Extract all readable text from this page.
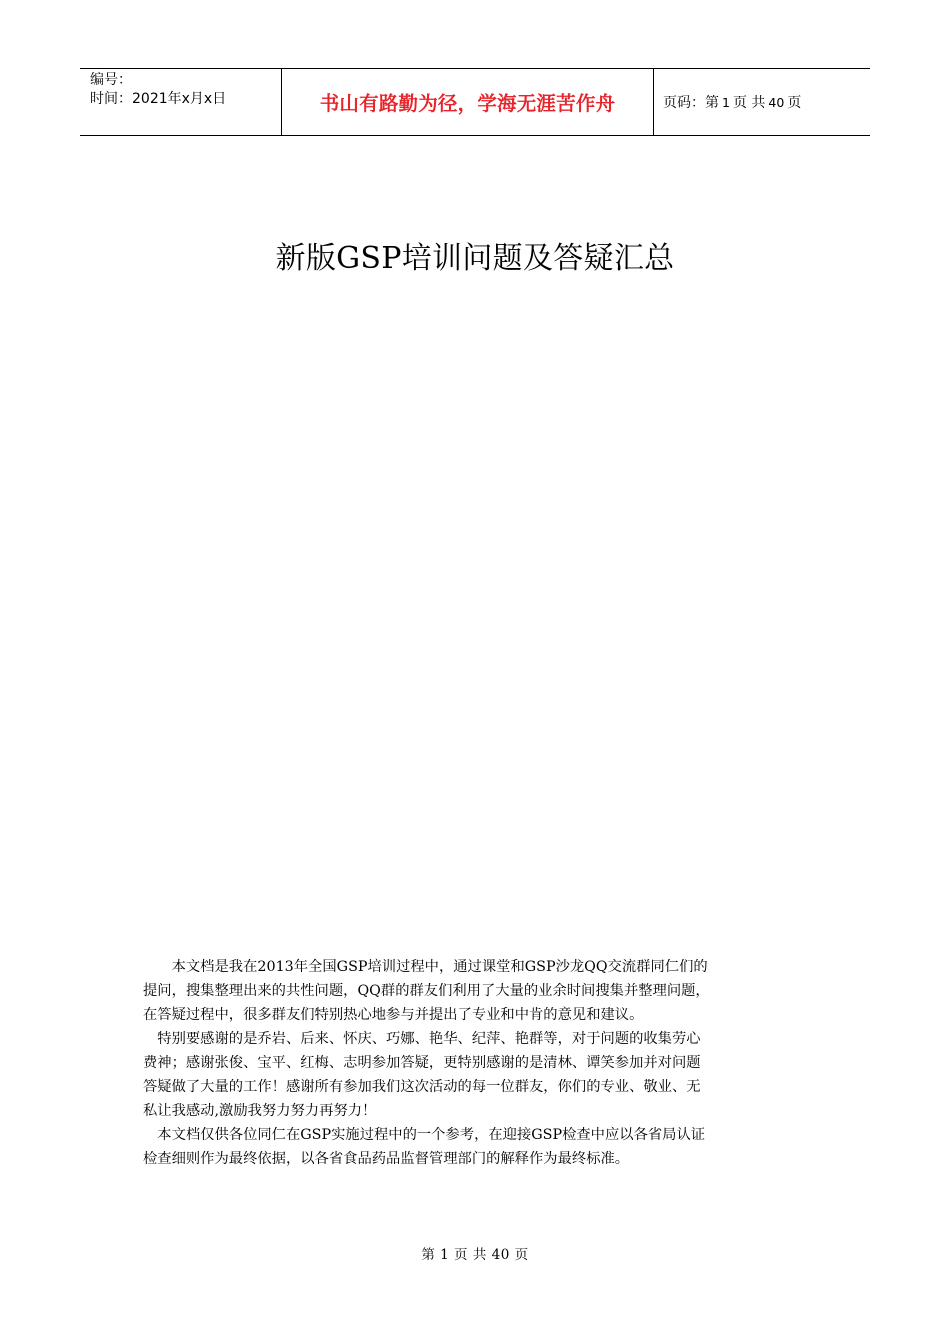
编号：
时间：2021年x月x日	书山有路勤为径，学海无涯苦作舟	页码：第 1 页 共 40 页
新版GSP培训问题及答疑汇总

　　本文档是我在2013年全国GSP培训过程中，通过课堂和GSP沙龙QQ交流群同仁们的
提问，搜集整理出来的共性问题，QQ群的群友们利用了大量的业余时间搜集并整理问题，
在答疑过程中，很多群友们特别热心地参与并提出了专业和中肯的意见和建议。

　特别要感谢的是乔岩、后来、怀庆、巧娜、艳华、纪萍、艳群等，对于问题的收集劳心
费神；感谢张俊、宝平、红梅、志明参加答疑，更特别感谢的是清林、谭笑参加并对问题
答疑做了大量的工作！感谢所有参加我们这次活动的每一位群友，你们的专业、敬业、无
私让我感动,激励我努力努力再努力！

　本文档仅供各位同仁在GSP实施过程中的一个参考，在迎接GSP检查中应以各省局认证
检查细则作为最终依据，以各省食品药品监督管理部门的解释作为最终标准。

第 1 页 共 40 页
